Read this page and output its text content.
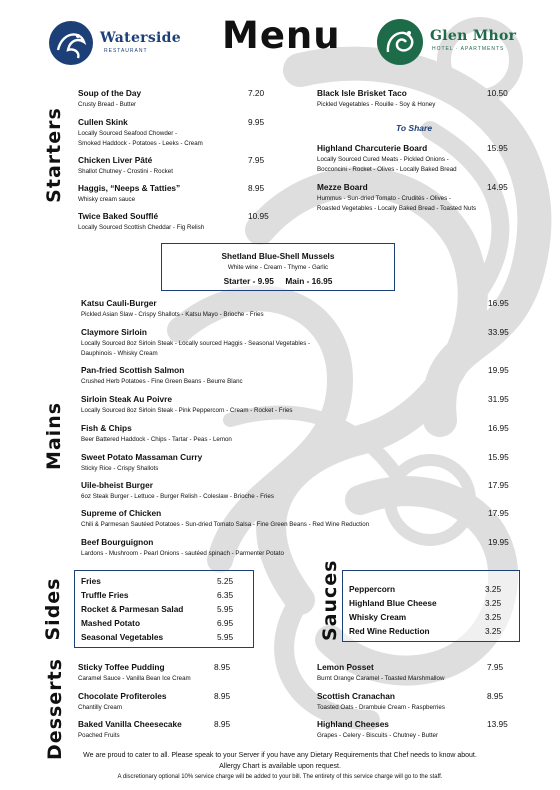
Waterside
RESTAURANT Menu	Glen Mhor
HOTEL · APARTMENTS
Starters
Mains
Sides	Sauces
Desserts
Soup of the Day
Crusty Bread - Butter
7.20
Cullen Skink
Locally Sourced Seafood Chowder -
Smoked Haddock - Potatoes - Leeks - Cream
9.95
Chicken Liver Pâté
Shallot Chutney - Crostini - Rocket
7.95
Haggis, “Neeps & Tatties”
Whisky cream sauce
8.95
Twice Baked Soufflé
Locally Sourced Scottish Cheddar - Fig Relish
10.95
Black Isle Brisket Taco
Pickled Vegetables - Rouille - Soy & Honey
10.50
To Share
Highland Charcuterie Board
Locally Sourced Cured Meats - Pickled Onions -
Bocconcini - Rocket - Olives - Locally Baked Bread
15.95
Mezze Board
Hummus - Sun-dried Tomato - Crudités - Olives -
Roasted Vegetables - Locally Baked Bread - Toasted Nuts
14.95
Shetland Blue-Shell Mussels
White wine - Cream - Thyme - Garlic
Starter - 9.95 Main - 16.95
Katsu Cauli-Burger
Pickled Asian Slaw - Crispy Shallots - Katsu Mayo - Brioche - Fries
16.95
Claymore Sirloin
Locally Sourced 8oz Sirloin Steak - Locally sourced Haggis - Seasonal Vegetables -
Dauphinois - Whisky Cream
33.95
Pan-fried Scottish Salmon
Crushed Herb Potatoes - Fine Green Beans - Beurre Blanc
19.95
Sirloin Steak Au Poivre
Locally Sourced 8oz Sirloin Steak - Pink Peppercorn - Cream - Rocket - Fries
31.95
Fish & Chips
Beer Battered Haddock - Chips - Tartar - Peas - Lemon
16.95
Sweet Potato Massaman Curry
Sticky Rice - Crispy Shallots
15.95
Uile-bheist Burger
6oz Steak Burger - Lettuce - Burger Relish - Coleslaw - Brioche - Fries
17.95
Supreme of Chicken
Chili & Parmesan Sautéed Potatoes - Sun-dried Tomato Salsa - Fine Green Beans - Red Wine Reduction
17.95
Beef Bourguignon
Lardons - Mushroom - Pearl Onions - sautéed spinach - Parmenter Potato
19.95
Fries	5.25
Truffle Fries	6.35
Rocket & Parmesan Salad	5.95
Mashed Potato	6.95
Seasonal Vegetables	5.95
Peppercorn	3.25
Highland Blue Cheese	3.25
Whisky Cream	3.25
Red Wine Reduction	3.25
Sticky Toffee Pudding
Caramel Sauce - Vanilla Bean Ice Cream
8.95
Chocolate Profiteroles
Chantilly Cream
8.95
Baked Vanilla Cheesecake
Poached Fruits
8.95
Lemon Posset
Burnt Orange Caramel - Toasted Marshmallow
7.95
Scottish Cranachan
Toasted Oats - Drambuie Cream - Raspberries
8.95
Highland Cheeses
Grapes - Celery - Biscuits - Chutney - Butter
13.95
We are proud to cater to all. Please speak to your Server if you have any Dietary Requirements that Chef needs to know about.
Allergy Chart is available upon request.
A discretionary optional 10% service charge will be added to your bill. The entirety of this service charge will go to the staff.
